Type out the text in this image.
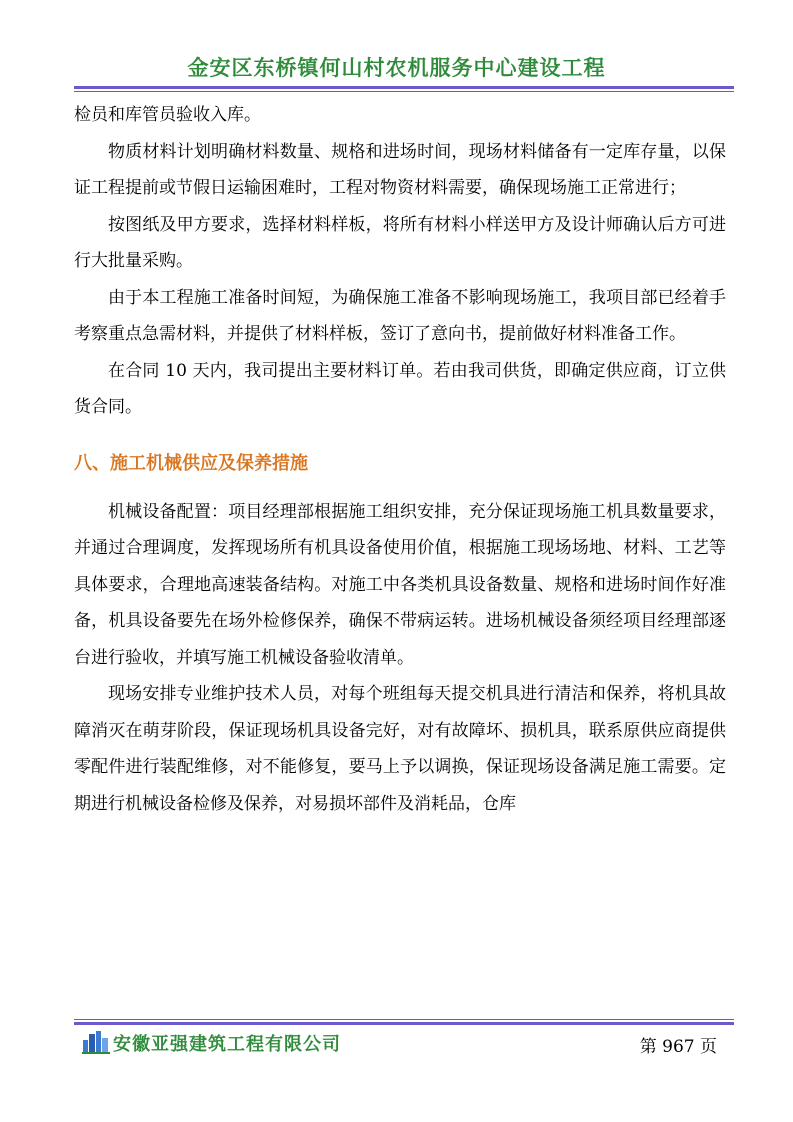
金安区东桥镇何山村农机服务中心建设工程

检员和库管员验收入库。

物质材料计划明确材料数量、规格和进场时间，现场材料储备有一定库存量，以保证工程提前或节假日运输困难时，工程对物资材料需要，确保现场施工正常进行；

按图纸及甲方要求，选择材料样板，将所有材料小样送甲方及设计师确认后方可进行大批量采购。

由于本工程施工准备时间短，为确保施工准备不影响现场施工，我项目部已经着手考察重点急需材料，并提供了材料样板，签订了意向书，提前做好材料准备工作。

在合同 10 天内，我司提出主要材料订单。若由我司供货，即确定供应商，订立供货合同。

八、施工机械供应及保养措施

机械设备配置：项目经理部根据施工组织安排，充分保证现场施工机具数量要求，并通过合理调度，发挥现场所有机具设备使用价值，根据施工现场场地、材料、工艺等具体要求，合理地高速装备结构。对施工中各类机具设备数量、规格和进场时间作好准备，机具设备要先在场外检修保养，确保不带病运转。进场机械设备须经项目经理部逐台进行验收，并填写施工机械设备验收清单。

现场安排专业维护技术人员，对每个班组每天提交机具进行清洁和保养，将机具故障消灭在萌芽阶段，保证现场机具设备完好，对有故障坏、损机具，联系原供应商提供零配件进行装配维修，对不能修复，要马上予以调换，保证现场设备满足施工需要。定期进行机械设备检修及保养，对易损坏部件及消耗品，仓库

安徽亚强建筑工程有限公司	第 967 页
